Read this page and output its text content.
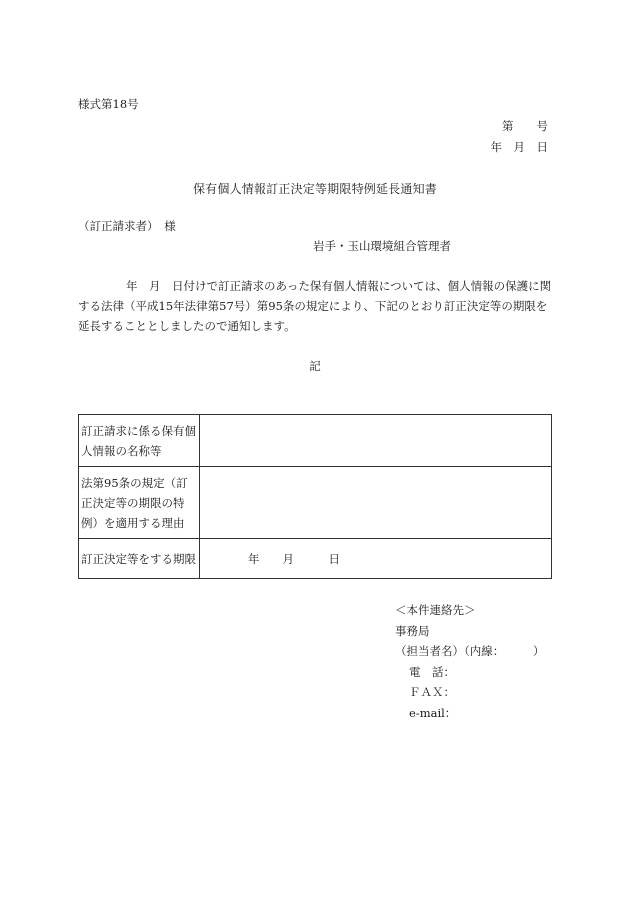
様式第18号
第　　号
年　月　日
保有個人情報訂正決定等期限特例延長通知書
（訂正請求者）　様
岩手・玉山環境組合管理者
年　月　日付けで訂正請求のあった保有個人情報については、個人情報の保護に関する法律（平成15年法律第57号）第95条の規定により、下記のとおり訂正決定等の期限を延長することとしましたので通知します。
記
訂正請求に係る保有個人情報の名称等	
法第95条の規定（訂正決定等の期限の特例）を適用する理由	
訂正決定等をする期限	年　　月　　　日
＜本件連絡先＞
事務局
（担当者名）（内線：　　　）
電　話：
ＦＡＸ：
e-mail：
